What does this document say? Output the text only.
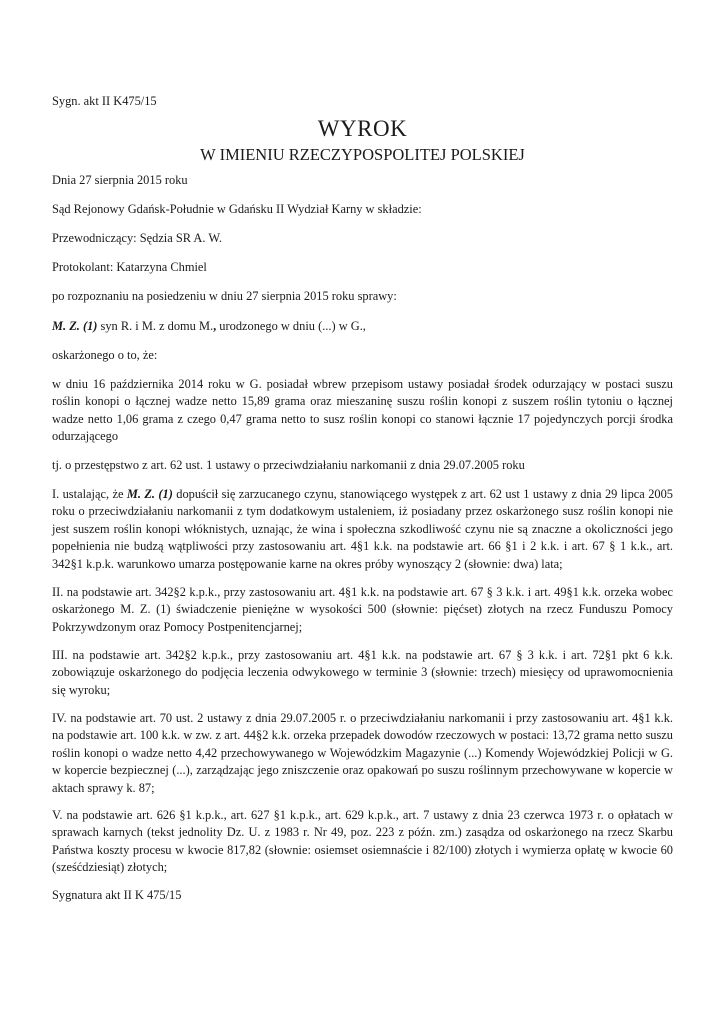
Sygn. akt II K475/15

WYROK
W IMIENIU RZECZYPOSPOLITEJ POLSKIEJ

Dnia 27 sierpnia 2015 roku

Sąd Rejonowy Gdańsk-Południe w Gdańsku II Wydział Karny w składzie:

Przewodniczący: Sędzia SR A. W.

Protokolant: Katarzyna Chmiel

po rozpoznaniu na posiedzeniu w dniu 27 sierpnia 2015 roku sprawy:

M. Z. (1) syn R. i M. z domu M., urodzonego w dniu (...) w G.,

oskarżonego o to, że:

w dniu 16 października 2014 roku w G. posiadał wbrew przepisom ustawy posiadał środek odurzający w postaci suszu roślin konopi o łącznej wadze netto 15,89 grama oraz mieszaninę suszu roślin konopi z suszem roślin tytoniu o łącznej wadze netto 1,06 grama z czego 0,47 grama netto to susz roślin konopi co stanowi łącznie 17 pojedynczych porcji środka odurzającego

tj. o przestępstwo z art. 62 ust. 1 ustawy o przeciwdziałaniu narkomanii z dnia 29.07.2005 roku

I. ustalając, że M. Z. (1) dopuścił się zarzucanego czynu, stanowiącego występek z art. 62 ust 1 ustawy z dnia 29 lipca 2005 roku o przeciwdziałaniu narkomanii z tym dodatkowym ustaleniem, iż posiadany przez oskarżonego susz roślin konopi nie jest suszem roślin konopi włóknistych, uznając, że wina i społeczna szkodliwość czynu nie są znaczne a okoliczności jego popełnienia nie budzą wątpliwości przy zastosowaniu art. 4§1 k.k. na podstawie art. 66 §1 i 2 k.k. i art. 67 § 1 k.k., art. 342§1 k.p.k. warunkowo umarza postępowanie karne na okres próby wynoszący 2 (słownie: dwa) lata;

II. na podstawie art. 342§2 k.p.k., przy zastosowaniu art. 4§1 k.k. na podstawie art. 67 § 3 k.k. i art. 49§1 k.k. orzeka wobec oskarżonego M. Z. (1) świadczenie pieniężne w wysokości 500 (słownie: pięćset) złotych na rzecz Funduszu Pomocy Pokrzywdzonym oraz Pomocy Postpenitencjarnej;

III. na podstawie art. 342§2 k.p.k., przy zastosowaniu art. 4§1 k.k. na podstawie art. 67 § 3 k.k. i art. 72§1 pkt 6 k.k. zobowiązuje oskarżonego do podjęcia leczenia odwykowego w terminie 3 (słownie: trzech) miesięcy od uprawomocnienia się wyroku;

IV. na podstawie art. 70 ust. 2 ustawy z dnia 29.07.2005 r. o przeciwdziałaniu narkomanii i przy zastosowaniu art. 4§1 k.k. na podstawie art. 100 k.k. w zw. z art. 44§2 k.k. orzeka przepadek dowodów rzeczowych w postaci: 13,72 grama netto suszu roślin konopi o wadze netto 4,42 przechowywanego w Wojewódzkim Magazynie (...) Komendy Wojewódzkiej Policji w G. w kopercie bezpiecznej (...), zarządzając jego zniszczenie oraz opakowań po suszu roślinnym przechowywane w kopercie w aktach sprawy k. 87;

V. na podstawie art. 626 §1 k.p.k., art. 627 §1 k.p.k., art. 629 k.p.k., art. 7 ustawy z dnia 23 czerwca 1973 r. o opłatach w sprawach karnych (tekst jednolity Dz. U. z 1983 r. Nr 49, poz. 223 z późn. zm.) zasądza od oskarżonego na rzecz Skarbu Państwa koszty procesu w kwocie 817,82 (słownie: osiemset osiemnaście i 82/100) złotych i wymierza opłatę w kwocie 60 (sześćdziesiąt) złotych;

Sygnatura akt II K 475/15
